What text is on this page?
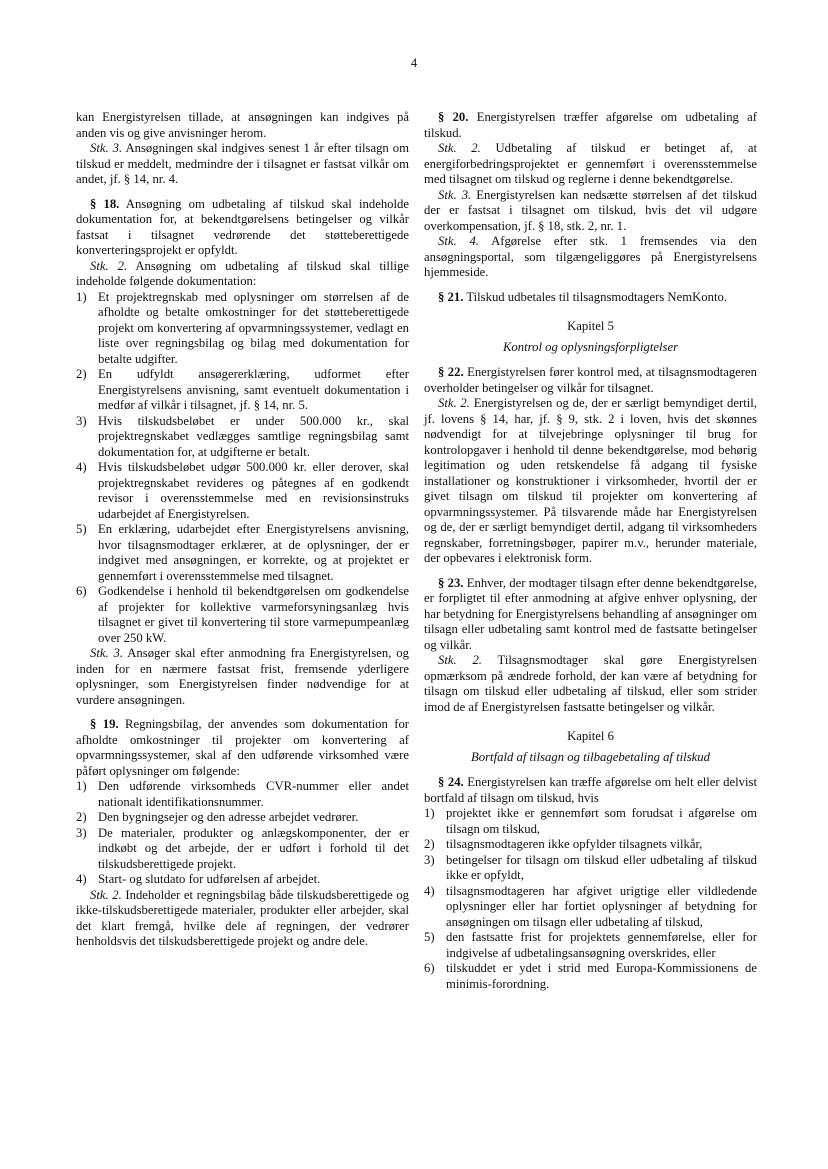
4

kan Energistyrelsen tillade, at ansøgningen kan indgives på anden vis og give anvisninger herom.

Stk. 3. Ansøgningen skal indgives senest 1 år efter tilsagn om tilskud er meddelt, medmindre der i tilsagnet er fastsat vilkår om andet, jf. § 14, nr. 4.

§ 18. Ansøgning om udbetaling af tilskud skal indeholde dokumentation for, at bekendtgørelsens betingelser og vilkår fastsat i tilsagnet vedrørende det støtteberettigede konverteringsprojekt er opfyldt.

Stk. 2. Ansøgning om udbetaling af tilskud skal tillige indeholde følgende dokumentation:

1) Et projektregnskab med oplysninger om størrelsen af de afholdte og betalte omkostninger for det støtteberettigede projekt om konvertering af opvarmningssystemer, vedlagt en liste over regningsbilag og bilag med dokumentation for betalte udgifter.
2) En udfyldt ansøgererklæring, udformet efter Energistyrelsens anvisning, samt eventuelt dokumentation i medfør af vilkår i tilsagnet, jf. § 14, nr. 5.
3) Hvis tilskudsbeløbet er under 500.000 kr., skal projektregnskabet vedlægges samtlige regningsbilag samt dokumentation for, at udgifterne er betalt.
4) Hvis tilskudsbeløbet udgør 500.000 kr. eller derover, skal projektregnskabet revideres og påtegnes af en godkendt revisor i overensstemmelse med en revisionsinstruks udarbejdet af Energistyrelsen.
5) En erklæring, udarbejdet efter Energistyrelsens anvisning, hvor tilsagnsmodtager erklærer, at de oplysninger, der er indgivet med ansøgningen, er korrekte, og at projektet er gennemført i overensstemmelse med tilsagnet.
6) Godkendelse i henhold til bekendtgørelsen om godkendelse af projekter for kollektive varmeforsyningsanlæg hvis tilsagnet er givet til konvertering til store varmepumpeanlæg over 250 kW.

Stk. 3. Ansøger skal efter anmodning fra Energistyrelsen, og inden for en nærmere fastsat frist, fremsende yderligere oplysninger, som Energistyrelsen finder nødvendige for at vurdere ansøgningen.

§ 19. Regningsbilag, der anvendes som dokumentation for afholdte omkostninger til projekter om konvertering af opvarmningssystemer, skal af den udførende virksomhed være påført oplysninger om følgende:

1) Den udførende virksomheds CVR-nummer eller andet nationalt identifikationsnummer.
2) Den bygningsejer og den adresse arbejdet vedrører.
3) De materialer, produkter og anlægskomponenter, der er indkøbt og det arbejde, der er udført i forhold til det tilskudsberettigede projekt.
4) Start- og slutdato for udførelsen af arbejdet.

Stk. 2. Indeholder et regningsbilag både tilskudsberettigede og ikke-tilskudsberettigede materialer, produkter eller arbejder, skal det klart fremgå, hvilke dele af regningen, der vedrører henholdsvis det tilskudsberettigede projekt og andre dele.

§ 20. Energistyrelsen træffer afgørelse om udbetaling af tilskud.

Stk. 2. Udbetaling af tilskud er betinget af, at energiforbedringsprojektet er gennemført i overensstemmelse med tilsagnet om tilskud og reglerne i denne bekendtgørelse.

Stk. 3. Energistyrelsen kan nedsætte størrelsen af det tilskud der er fastsat i tilsagnet om tilskud, hvis det vil udgøre overkompensation, jf. § 18, stk. 2, nr. 1.

Stk. 4. Afgørelse efter stk. 1 fremsendes via den ansøgningsportal, som tilgængeliggøres på Energistyrelsens hjemmeside.

§ 21. Tilskud udbetales til tilsagnsmodtagers NemKonto.

Kapitel 5

Kontrol og oplysningsforpligtelser

§ 22. Energistyrelsen fører kontrol med, at tilsagnsmodtageren overholder betingelser og vilkår for tilsagnet.

Stk. 2. Energistyrelsen og de, der er særligt bemyndiget dertil, jf. lovens § 14, har, jf. § 9, stk. 2 i loven, hvis det skønnes nødvendigt for at tilvejebringe oplysninger til brug for kontrolopgaver i henhold til denne bekendtgørelse, mod behørig legitimation og uden retskendelse få adgang til fysiske installationer og konstruktioner i virksomheder, hvortil der er givet tilsagn om tilskud til projekter om konvertering af opvarmningssystemer. På tilsvarende måde har Energistyrelsen og de, der er særligt bemyndiget dertil, adgang til virksomheders regnskaber, forretningsbøger, papirer m.v., herunder materiale, der opbevares i elektronisk form.

§ 23. Enhver, der modtager tilsagn efter denne bekendtgørelse, er forpligtet til efter anmodning at afgive enhver oplysning, der har betydning for Energistyrelsens behandling af ansøgninger om tilsagn eller udbetaling samt kontrol med de fastsatte betingelser og vilkår.

Stk. 2. Tilsagnsmodtager skal gøre Energistyrelsen opmærksom på ændrede forhold, der kan være af betydning for tilsagn om tilskud eller udbetaling af tilskud, eller som strider imod de af Energistyrelsen fastsatte betingelser og vilkår.

Kapitel 6

Bortfald af tilsagn og tilbagebetaling af tilskud

§ 24. Energistyrelsen kan træffe afgørelse om helt eller delvist bortfald af tilsagn om tilskud, hvis

1) projektet ikke er gennemført som forudsat i afgørelse om tilsagn om tilskud,
2) tilsagnsmodtageren ikke opfylder tilsagnets vilkår,
3) betingelser for tilsagn om tilskud eller udbetaling af tilskud ikke er opfyldt,
4) tilsagnsmodtageren har afgivet urigtige eller vildledende oplysninger eller har fortiet oplysninger af betydning for ansøgningen om tilsagn eller udbetaling af tilskud,
5) den fastsatte frist for projektets gennemførelse, eller for indgivelse af udbetalingsansøgning overskrides, eller
6) tilskuddet er ydet i strid med Europa-Kommissionens de minimis-forordning.
